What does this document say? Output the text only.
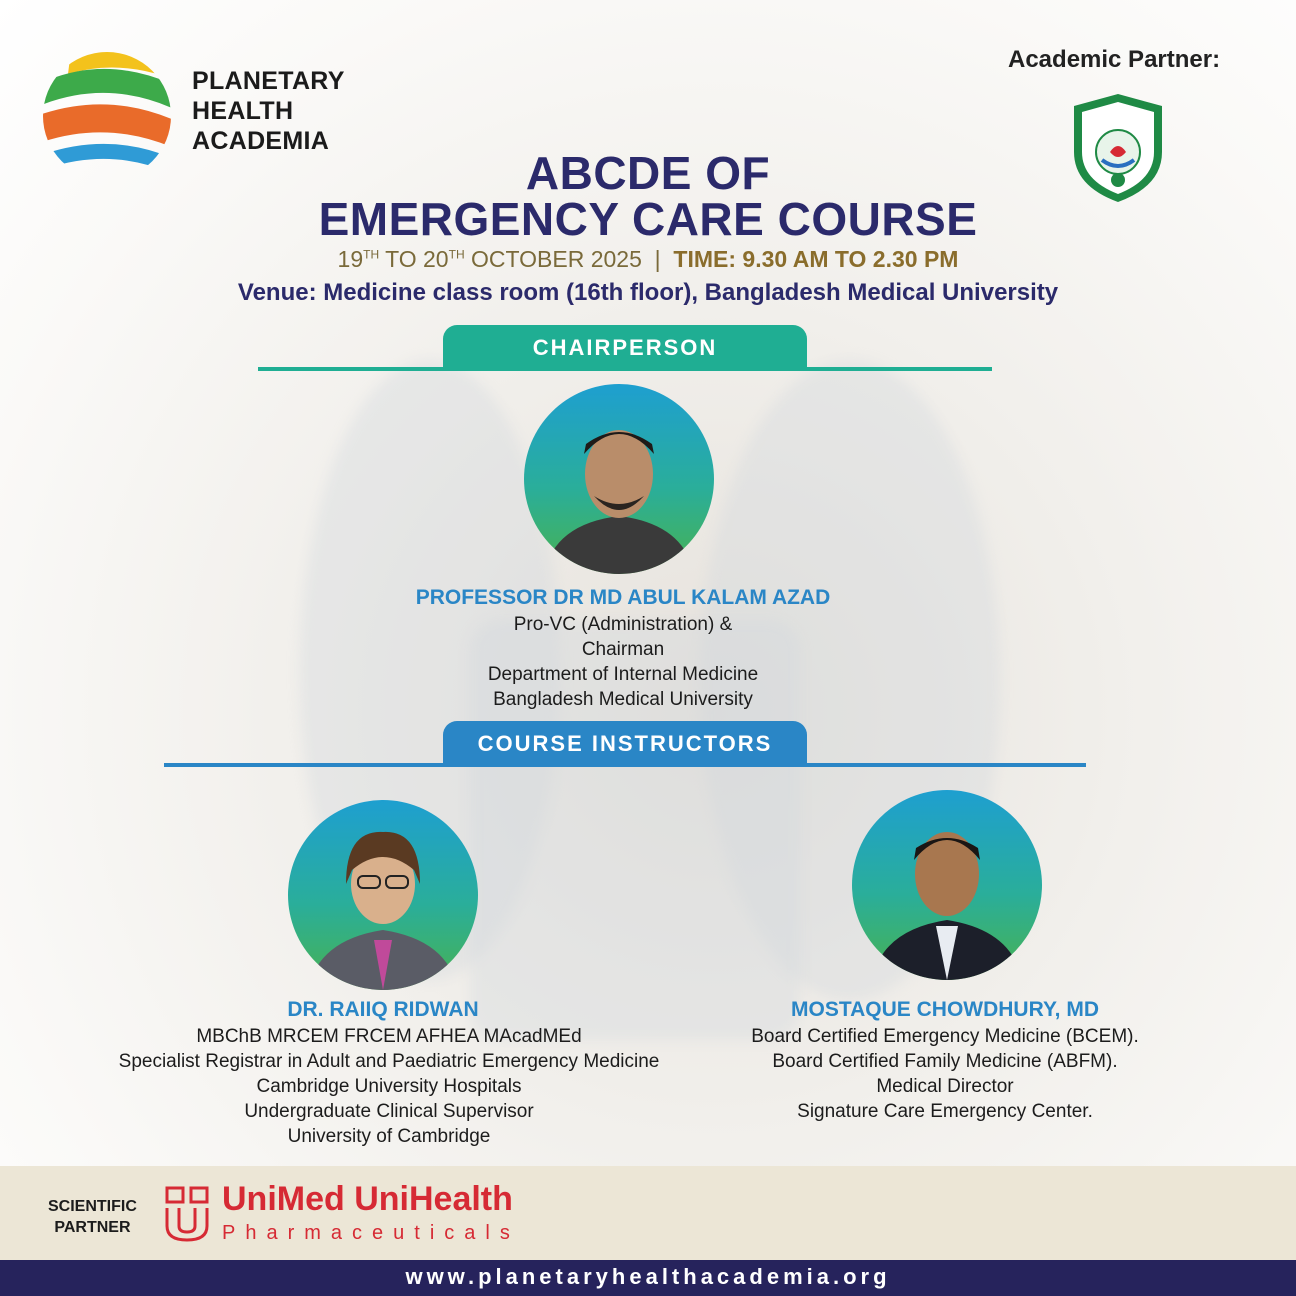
PLANETARY
HEALTH
ACADEMIA
Academic Partner:
ABCDE OF
EMERGENCY CARE COURSE
19TH TO 20TH OCTOBER 2025  |  TIME: 9.30 AM TO 2.30 PM
Venue: Medicine class room (16th floor), Bangladesh Medical University
CHAIRPERSON
PROFESSOR DR MD ABUL KALAM AZAD
Pro-VC (Administration) &
Chairman
Department of Internal Medicine
Bangladesh Medical University
COURSE INSTRUCTORS
DR. RAIIQ RIDWAN
MBChB MRCEM FRCEM AFHEA MAcadMEd
Specialist Registrar in Adult and Paediatric Emergency Medicine
Cambridge University Hospitals
Undergraduate Clinical Supervisor
University of Cambridge
MOSTAQUE CHOWDHURY, MD
Board Certified Emergency Medicine (BCEM).
Board Certified Family Medicine (ABFM).
Medical Director
Signature Care Emergency Center.
SCIENTIFIC
PARTNER
UniMed UniHealth
Pharmaceuticals
www.planetaryhealthacademia.org
